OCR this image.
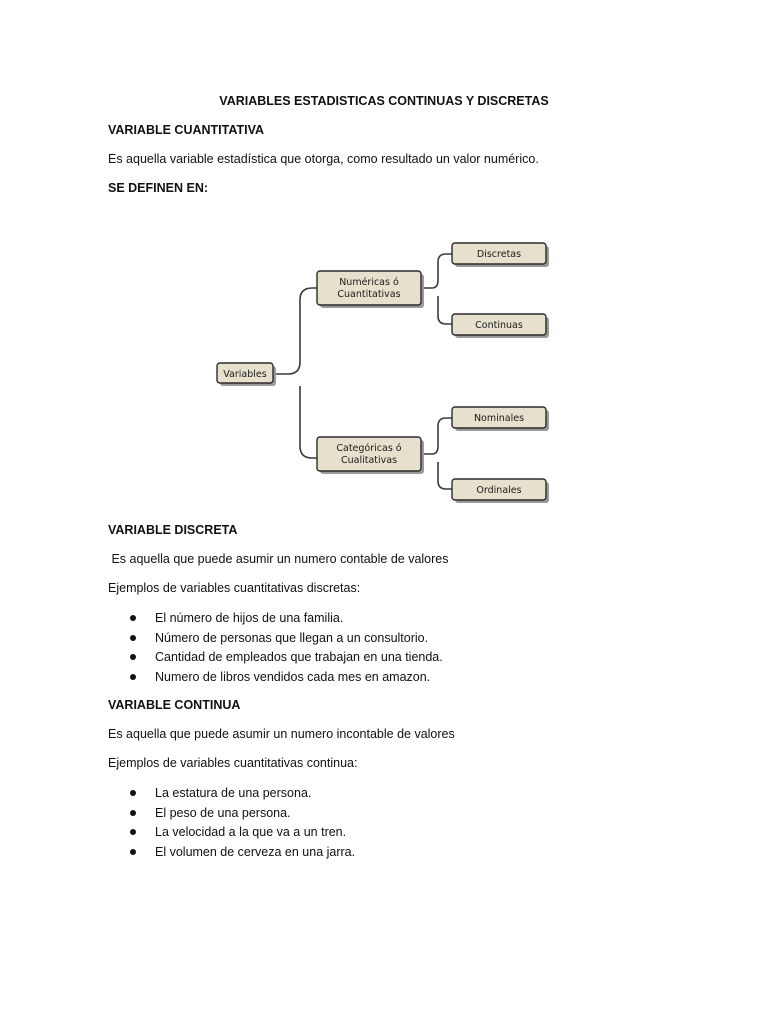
VARIABLES ESTADISTICAS CONTINUAS Y DISCRETAS
VARIABLE CUANTITATIVA
Es aquella variable estadística que otorga, como resultado un valor numérico.
SE DEFINEN EN:
Variables
Numéricas ó
Cuantitativas
Categóricas ó
Cualitativas
Discretas
Continuas
Nominales
Ordinales
VARIABLE DISCRETA
Es aquella que puede asumir un numero contable de valores
Ejemplos de variables cuantitativas discretas:
El número de hijos de una familia.
Número de personas que llegan a un consultorio.
Cantidad de empleados que trabajan en una tienda.
Numero de libros vendidos cada mes en amazon.
VARIABLE CONTINUA
Es aquella que puede asumir un numero incontable de valores
Ejemplos de variables cuantitativas continua:
La estatura de una persona.
El peso de una persona.
La velocidad a la que va a un tren.
El volumen de cerveza en una jarra.
